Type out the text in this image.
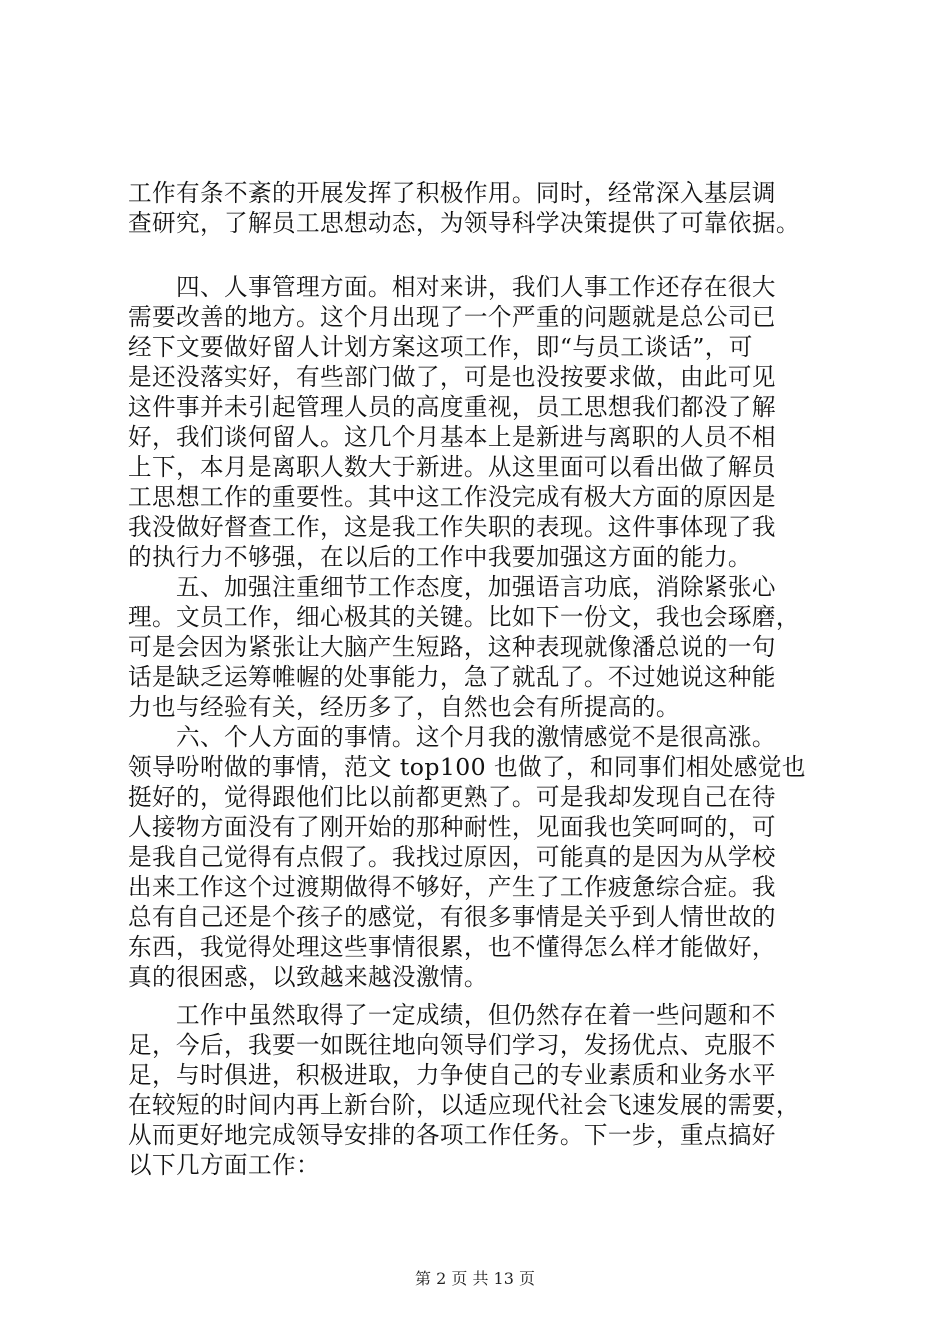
工作有条不紊的开展发挥了积极作用。同时，经常深入基层调
查研究，了解员工思想动态，为领导科学决策提供了可靠依据。
　　四、人事管理方面。相对来讲，我们人事工作还存在很大
需要改善的地方。这个月出现了一个严重的问题就是总公司已
经下文要做好留人计划方案这项工作，即“与员工谈话”，可
是还没落实好，有些部门做了，可是也没按要求做，由此可见
这件事并未引起管理人员的高度重视，员工思想我们都没了解
好，我们谈何留人。这几个月基本上是新进与离职的人员不相
上下，本月是离职人数大于新进。从这里面可以看出做了解员
工思想工作的重要性。其中这工作没完成有极大方面的原因是
我没做好督查工作，这是我工作失职的表现。这件事体现了我
的执行力不够强，在以后的工作中我要加强这方面的能力。
　　五、加强注重细节工作态度，加强语言功底，消除紧张心
理。文员工作，细心极其的关键。比如下一份文，我也会琢磨，
可是会因为紧张让大脑产生短路，这种表现就像潘总说的一句
话是缺乏运筹帷幄的处事能力，急了就乱了。不过她说这种能
力也与经验有关，经历多了，自然也会有所提高的。
　　六、个人方面的事情。这个月我的激情感觉不是很高涨。
领导吩咐做的事情，范文 top100 也做了，和同事们相处感觉也
挺好的，觉得跟他们比以前都更熟了。可是我却发现自己在待
人接物方面没有了刚开始的那种耐性，见面我也笑呵呵的，可
是我自己觉得有点假了。我找过原因，可能真的是因为从学校
出来工作这个过渡期做得不够好，产生了工作疲惫综合症。我
总有自己还是个孩子的感觉，有很多事情是关乎到人情世故的
东西，我觉得处理这些事情很累，也不懂得怎么样才能做好，
真的很困惑，以致越来越没激情。
　　工作中虽然取得了一定成绩，但仍然存在着一些问题和不
足，今后，我要一如既往地向领导们学习，发扬优点、克服不
足，与时俱进，积极进取，力争使自己的专业素质和业务水平
在较短的时间内再上新台阶，以适应现代社会飞速发展的需要，
从而更好地完成领导安排的各项工作任务。下一步，重点搞好
以下几方面工作：
第 2 页 共 13 页
